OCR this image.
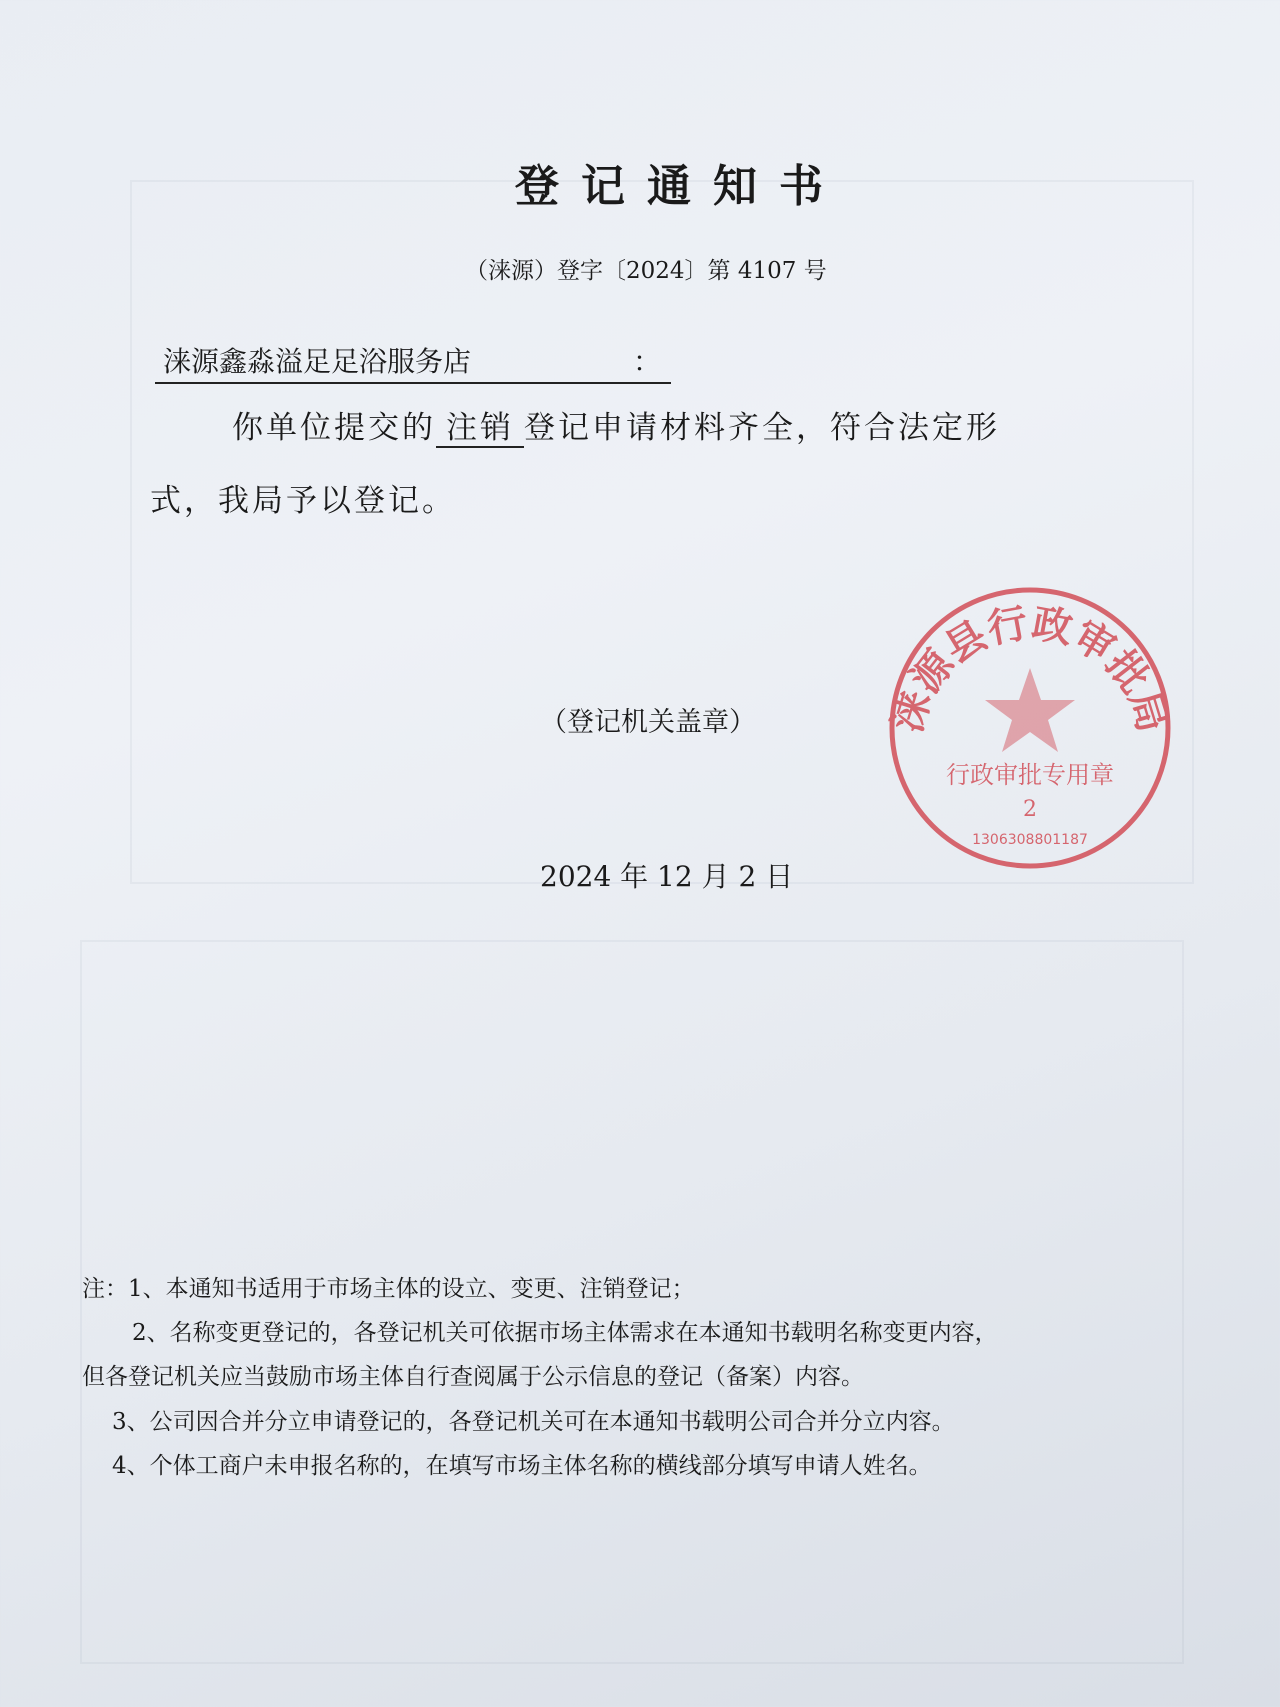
登记通知书
（涞源）登字〔2024〕第 4107 号
涞源鑫淼溢足足浴服务店	：
你单位提交的 注销 登记申请材料齐全，符合法定形
式，我局予以登记。
涞源县行政审批局
行政审批专用章
2
1306308801187
（登记机关盖章）
2024 年 12 月 2 日
注：1、本通知书适用于市场主体的设立、变更、注销登记；
2、名称变更登记的，各登记机关可依据市场主体需求在本通知书载明名称变更内容，
但各登记机关应当鼓励市场主体自行查阅属于公示信息的登记（备案）内容。
3、公司因合并分立申请登记的，各登记机关可在本通知书载明公司合并分立内容。
4、个体工商户未申报名称的，在填写市场主体名称的横线部分填写申请人姓名。
